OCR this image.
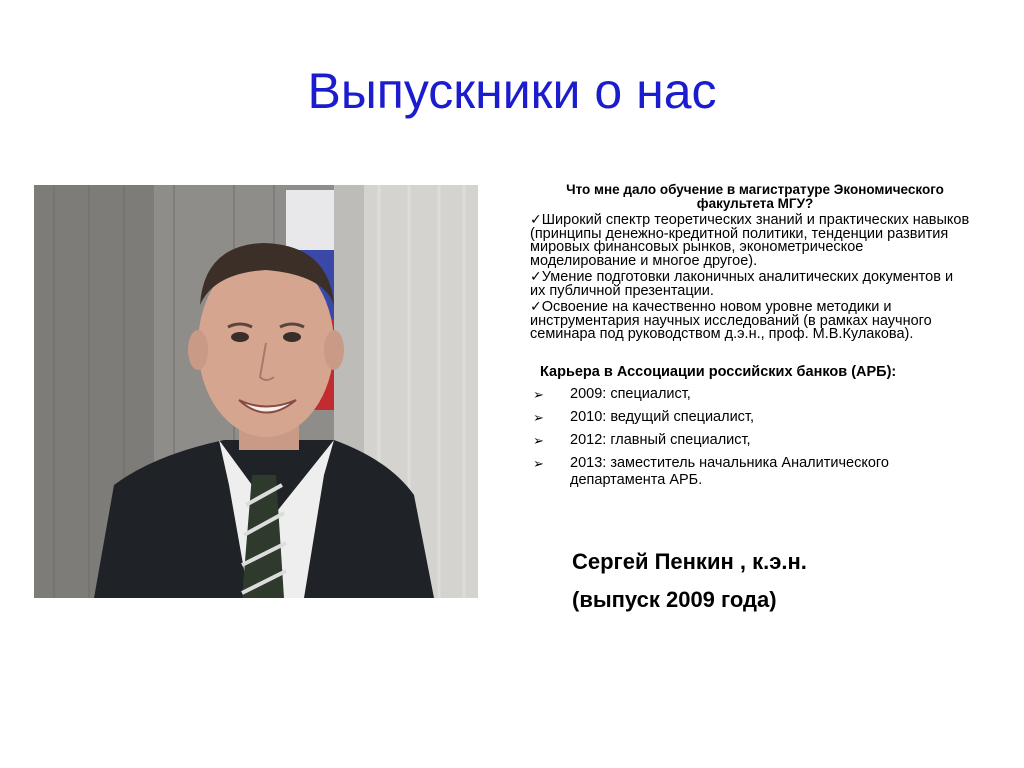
Выпускники о нас
Что мне дало обучение в магистратуре Экономического факультета МГУ?
✓Широкий спектр теоретических знаний и практических навыков (принципы денежно-кредитной политики, тенденции развития мировых финансовых рынков, эконометрическое моделирование и многое другое).
✓Умение подготовки лаконичных аналитических документов и их публичной презентации.
✓Освоение на качественно новом уровне методики и инструментария научных исследований (в рамках научного семинара под руководством д.э.н., проф. М.В.Кулакова).
Карьера в Ассоциации российских банков (АРБ):
➢ 2009: специалист,
➢ 2010: ведущий специалист,
➢ 2012: главный специалист,
➢ 2013: заместитель начальника Аналитического департамента АРБ.
Сергей Пенкин , к.э.н.
(выпуск 2009 года)
